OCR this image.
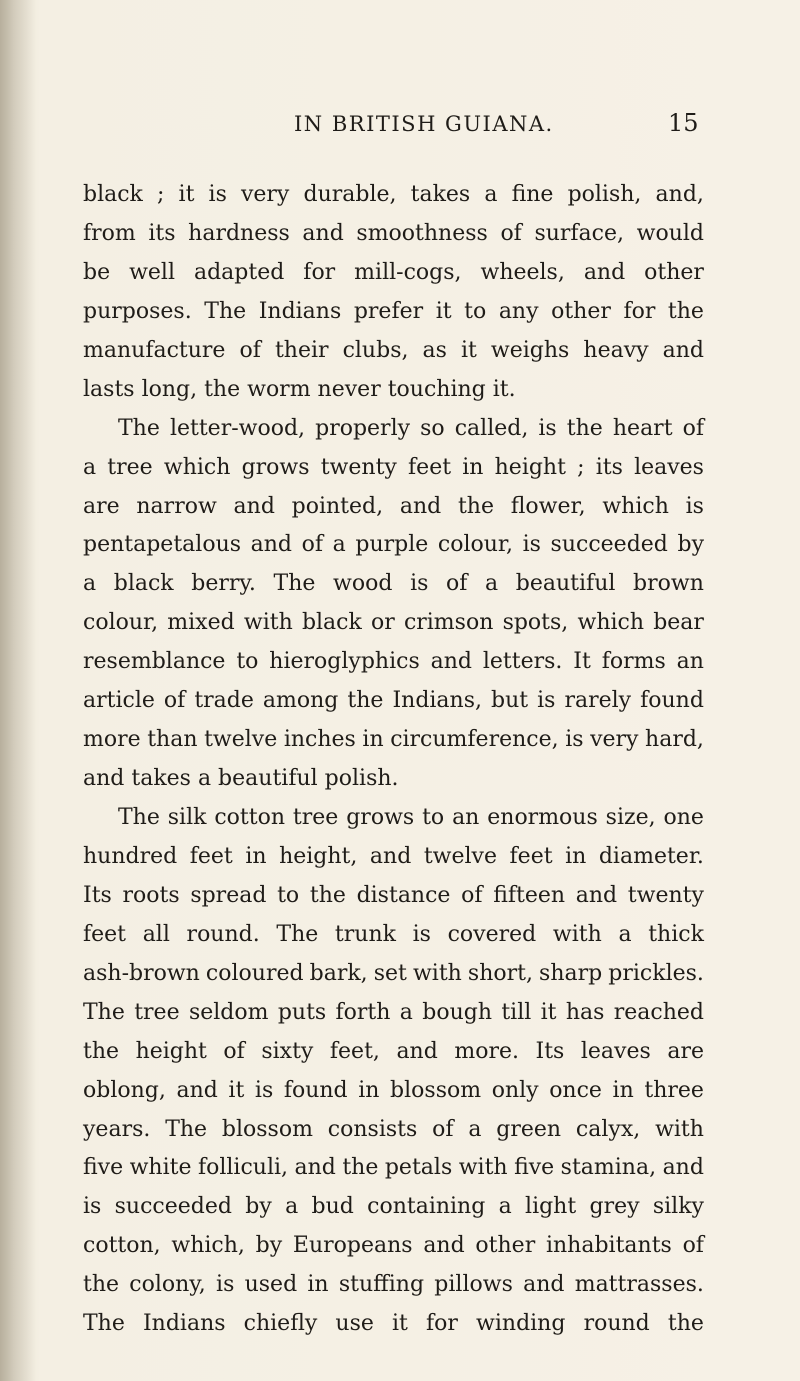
IN BRITISH GUIANA.	15
black ; it is very durable, takes a fine polish, and,
from its hardness and smoothness of surface, would
be well adapted for mill-cogs, wheels, and other
purposes. The Indians prefer it to any other for the
manufacture of their clubs, as it weighs heavy and
lasts long, the worm never touching it.
The letter-wood, properly so called, is the heart of
a tree which grows twenty feet in height ; its leaves
are narrow and pointed, and the flower, which is
pentapetalous and of a purple colour, is succeeded by
a black berry. The wood is of a beautiful brown
colour, mixed with black or crimson spots, which bear
resemblance to hieroglyphics and letters. It forms an
article of trade among the Indians, but is rarely found
more than twelve inches in circumference, is very hard,
and takes a beautiful polish.
The silk cotton tree grows to an enormous size, one
hundred feet in height, and twelve feet in diameter.
Its roots spread to the distance of fifteen and twenty
feet all round. The trunk is covered with a thick
ash-brown coloured bark, set with short, sharp prickles.
The tree seldom puts forth a bough till it has reached
the height of sixty feet, and more. Its leaves are
oblong, and it is found in blossom only once in three
years. The blossom consists of a green calyx, with
five white folliculi, and the petals with five stamina, and
is succeeded by a bud containing a light grey silky
cotton, which, by Europeans and other inhabitants of
the colony, is used in stuffing pillows and mattrasses.
The Indians chiefly use it for winding round the
